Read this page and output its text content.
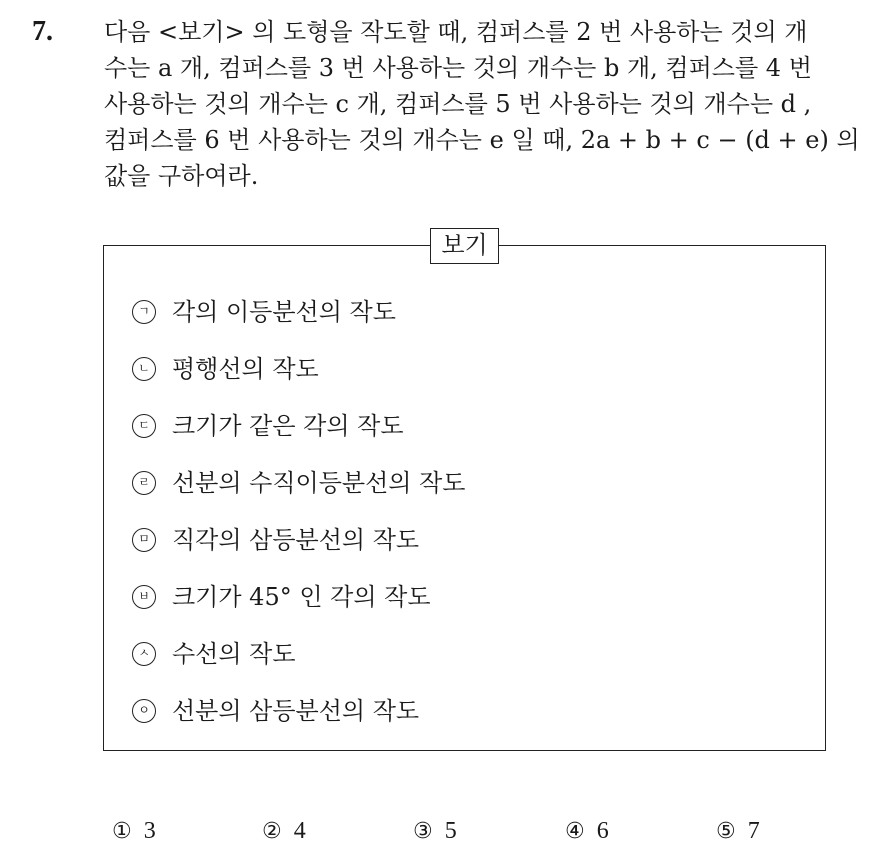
7. 다음 <보기> 의 도형을 작도할 때, 컴퍼스를 2 번 사용하는 것의 개
수는 a 개, 컴퍼스를 3 번 사용하는 것의 개수는 b 개, 컴퍼스를 4 번
사용하는 것의 개수는 c 개, 컴퍼스를 5 번 사용하는 것의 개수는 d ,
컴퍼스를 6 번 사용하는 것의 개수는 e 일 때, 2a + b + c − (d + e) 의
값을 구하여라.
보기
ㄱ 각의 이등분선의 작도
ㄴ 평행선의 작도
ㄷ 크기가 같은 각의 작도
ㄹ 선분의 수직이등분선의 작도
ㅁ 직각의 삼등분선의 작도
ㅂ 크기가 45° 인 각의 작도
ㅅ 수선의 작도
ㅇ 선분의 삼등분선의 작도
① 3	② 4	③ 5	④ 6	⑤ 7
